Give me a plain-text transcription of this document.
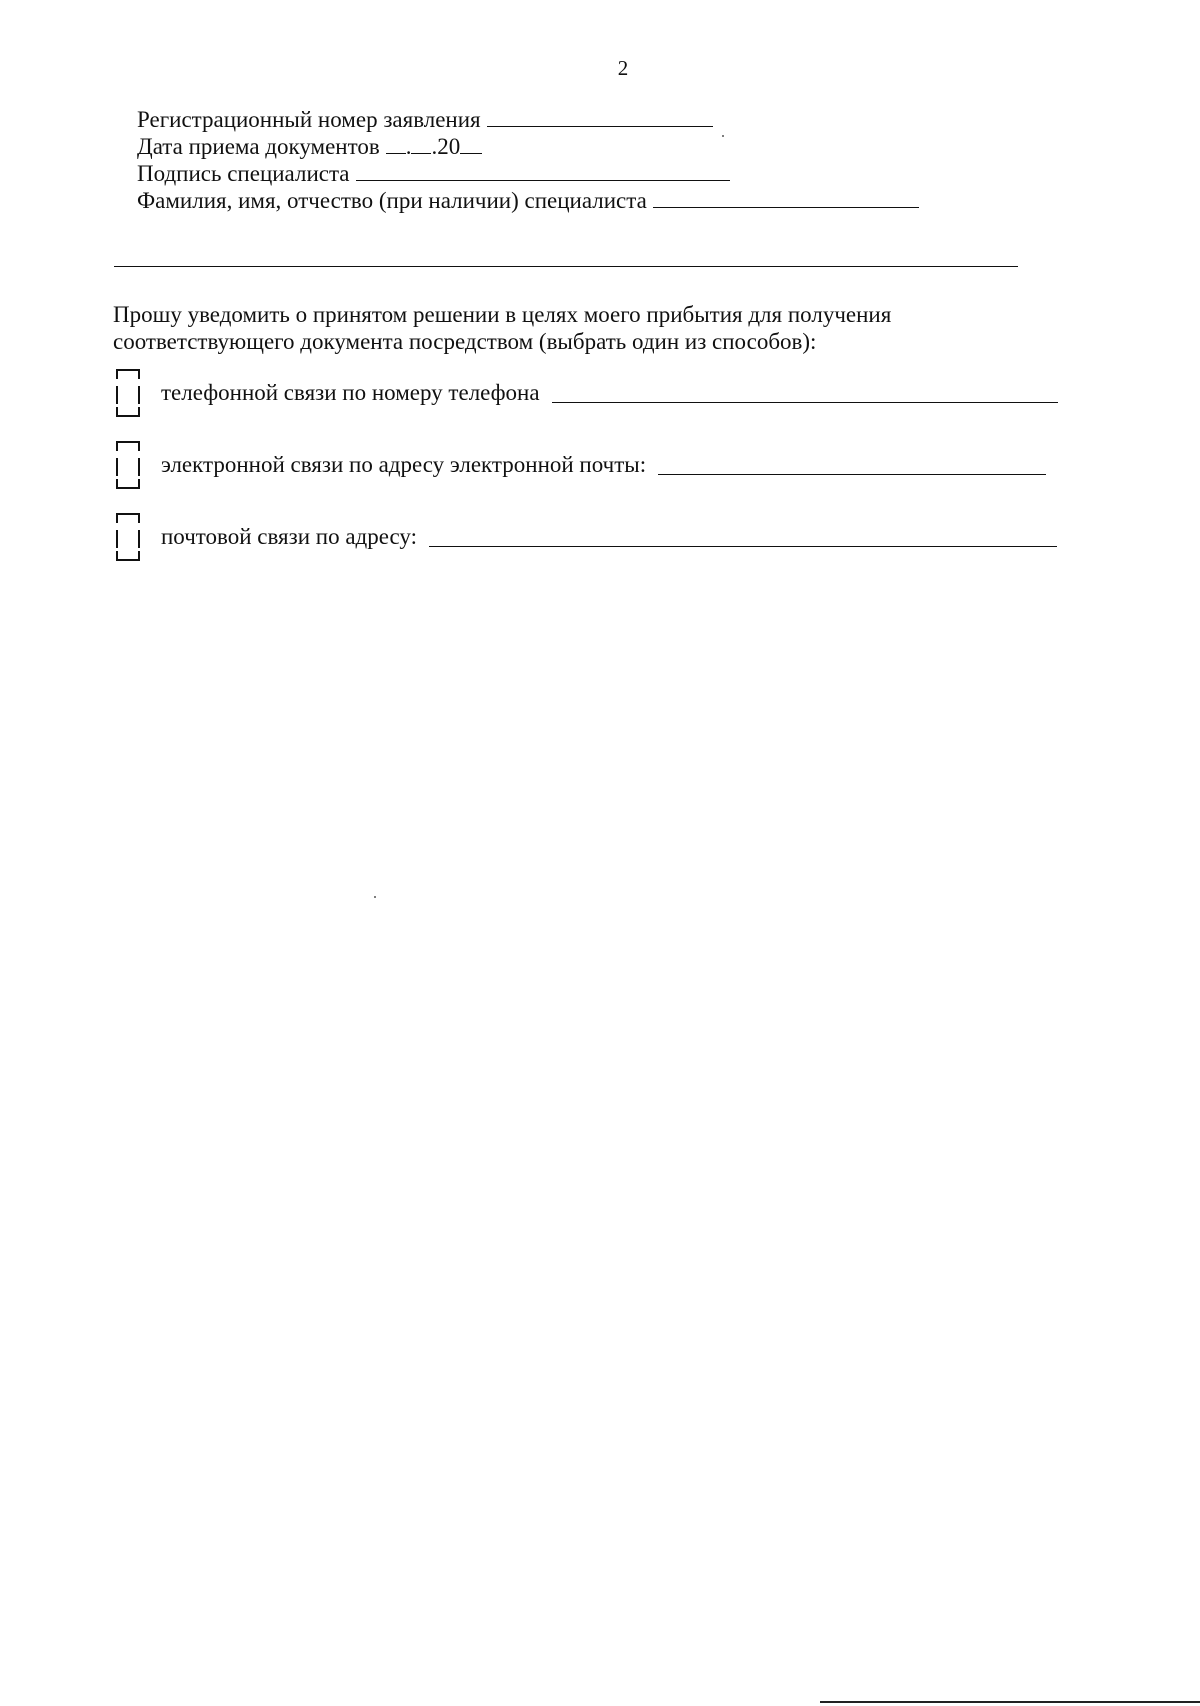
2
Регистрационный номер заявления
Дата приема документов . .20
Подпись специалиста
Фамилия, имя, отчество (при наличии) специалиста
Прошу уведомить о принятом решении в целях моего прибытия для получения
соответствующего документа посредством (выбрать один из способов):
телефонной связи по номеру телефона
электронной связи по адресу электронной почты:
почтовой связи по адресу:
